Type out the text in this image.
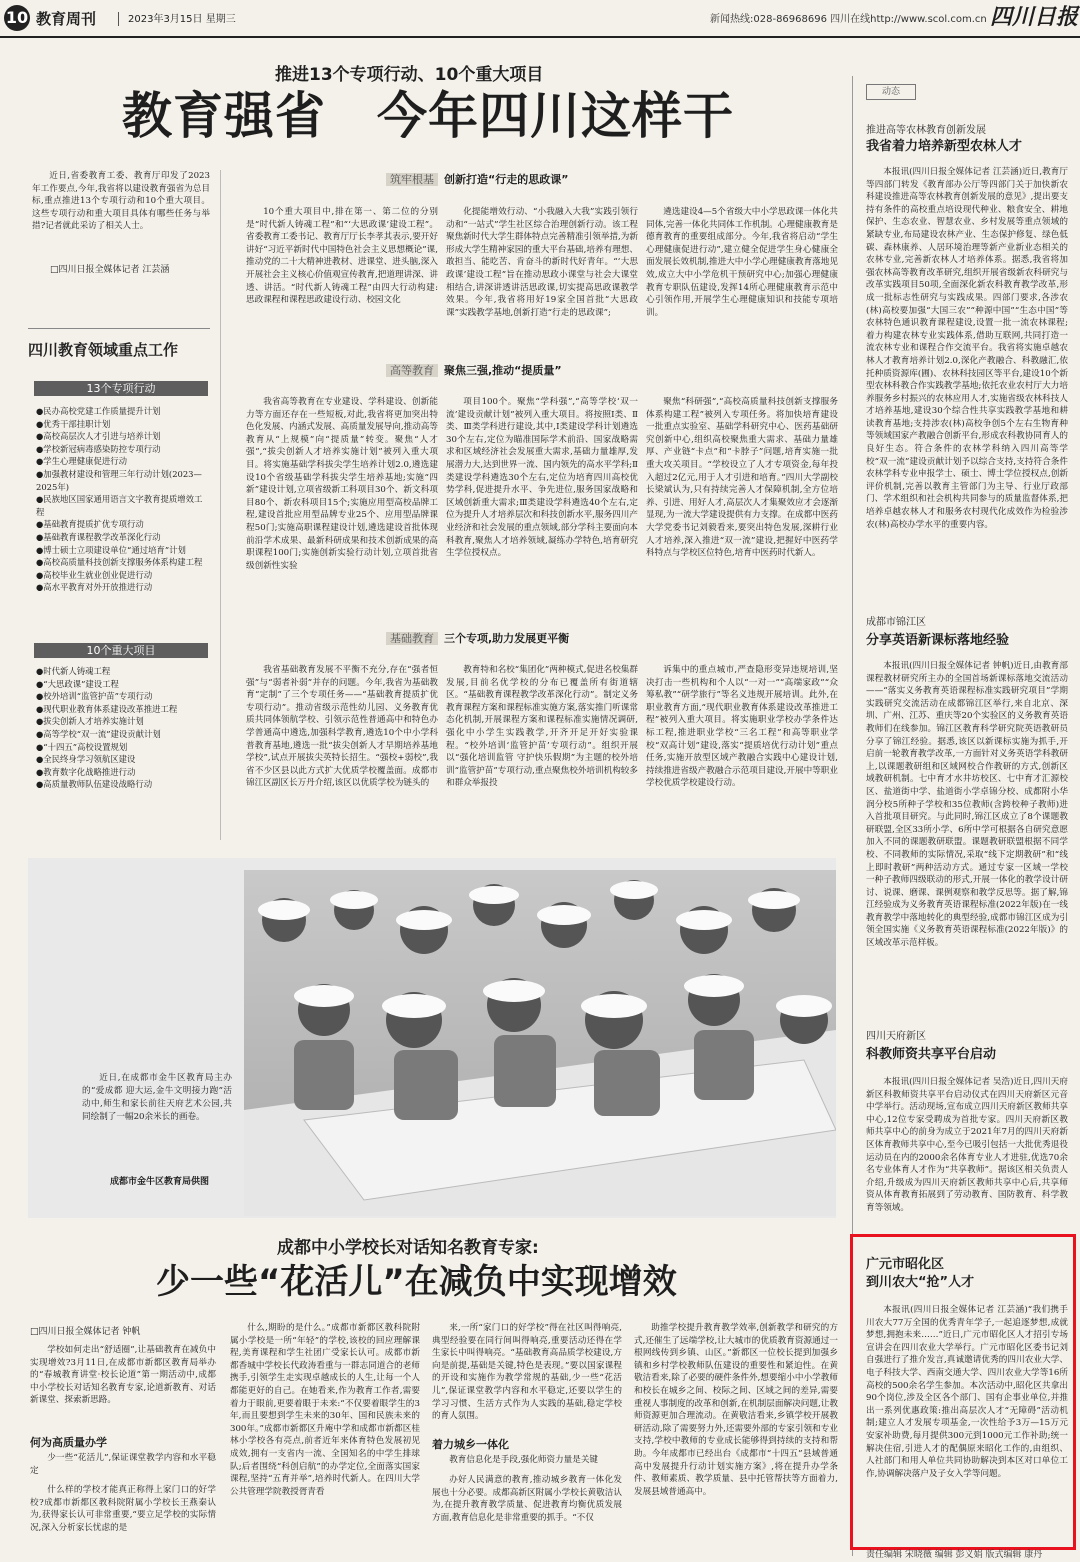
10 教育周刊	2023年3月15日 星期三	新闻热线:028-86968696 四川在线http://www.scol.com.cn 四川日报
推进13个专项行动、10个重大项目
教育强省　今年四川这样干

近日,省委教育工委、教育厅印发了2023年工作要点,今年,我省将以建设教育强省为总目标,重点推进13个专项行动和10个重大项目。这些专项行动和重大项目具体有哪些任务与举措?记者就此采访了相关人士。

□四川日报全媒体记者 江芸涵
四川教育领域重点工作
13个专项行动
●民办高校党建工作质量提升计划
●优秀干部挂职计划
●高校高层次人才引进与培养计划
●学校新冠病毒感染防控专项行动
●学生心理健康促进行动
●加强教材建设和管理三年行动计划(2023—2025年)
●民族地区国家通用语言文字教育提质增效工程
●基础教育提质扩优专项行动
●基础教育课程教学改革深化行动
●博士硕士立项建设单位“通过培育”计划
●高校高质量科技创新支撑服务体系构建工程
●高校毕业生就业创业促进行动
●高水平教育对外开放推进行动
10个重大项目
●时代新人铸魂工程
●“大思政课”建设工程
●校外培训“监管护苗”专项行动
●现代职业教育体系建设改革推进工程
●拔尖创新人才培养实施计划
●高等学校“双一流”建设贡献计划
●“十四五”高校设置规划
●全民终身学习领航区建设
●教育数字化战略推进行动
●高质量教师队伍建设战略行动
筑牢根基 创新打造“行走的思政课”

10个重大项目中,排在第一、第二位的分别是“时代新人铸魂工程”和“‘大思政课’建设工程”。省委教育工委书记、教育厅厅长李孝其表示,要开好讲好“习近平新时代中国特色社会主义思想概论”课,推动党的二十大精神进教材、进课堂、进头脑,深入开展社会主义核心价值观宣传教育,把道理讲深、讲透、讲活。“时代新人铸魂工程”由四大行动构建:思政课程和课程思政建设行动、校园文化

化提能增效行动、“小我融入大我”实践引领行动和“一站式”学生社区综合治理创新行动。该工程聚焦新时代大学生群体特点完善精准引领举措,为新形成大学生精神家园的重大平台基础,培养有理想、敢担当、能吃苦、肯奋斗的新时代好青年。“‘大思政课’建设工程”旨在推动思政小课堂与社会大课堂相结合,讲深讲透讲活思政课,切实提高思政课教学效果。今年,我省将用好19家全国首批“大思政课”实践教学基地,创新打造“行走的思政课”;

遴选建设4—5个省级大中小学思政课一体化共同体,完善一体化共同体工作机制。心理健康教育是德育教育的重要组成部分。今年,我省将启动“学生心理健康促进行动”,建立健全促进学生身心健康全面发展长效机制,推进大中小学心理健康教育落地见效,成立大中小学危机干预研究中心;加强心理健康教育专职队伍建设,发挥14所心理健康教育示范中心引领作用,开展学生心理健康知识和技能专项培训。

高等教育 聚焦三强,推动“提质量”

我省高等教育在专业建设、学科建设、创新能力等方面还存在一些短板,对此,我省将更加突出特色化发展、内涵式发展、高质量发展导向,推动高等教育从“上规模”向“提质量”转变。聚焦“人才强”,“拔尖创新人才培养实施计划”被列入重大项目。将实施基础学科拔尖学生培养计划2.0,遴选建设10个省级基础学科拔尖学生培养基地;实施“四新”建设计划,立项省级新工科项目30个、新文科项目80个、新农科项目15个;实施应用型高校品牌工程,建设首批应用型品牌专业25个、应用型品牌课程50门;实施高职课程建设计划,遴选建设首批体现前沿学术成果、最新科研成果和技术创新成果的高职课程100门;实施创新实验行动计划,立项首批省级创新性实验

项目100个。聚焦“学科强”,“高等学校‘双一流’建设贡献计划”被列入重大项目。将按照Ⅰ类、Ⅱ类、Ⅲ类学科进行建设,其中,Ⅰ类建设学科计划遴选30个左右,定位为瞄准国际学术前沿、国家战略需求和区域经济社会发展重大需求,基础力量雄厚,发展潜力大,达到世界一流、国内领先的高水平学科;Ⅱ类建设学科遴选30个左右,定位为培育四川高校优势学科,促进提升水平、争先进位,服务国家战略和区域创新重大需求;Ⅲ类建设学科遴选40个左右,定位为提升人才培养层次和科技创新水平,服务四川产业经济和社会发展的重点领域,部分学科主要面向本科教育,聚焦人才培养领域,凝练办学特色,培育研究生学位授权点。

聚焦“科研强”,“高校高质量科技创新支撑服务体系构建工程”被列入专项任务。将加快培育建设一批重点实验室、基础学科研究中心、医药基础研究创新中心,组织高校聚焦重大需求、基础力量雄厚、产业链“卡点”和“卡脖子”问题,培育实施一批重大攻关项目。“学校设立了人才专项资金,每年投入超过2亿元,用于人才引进和培育。”四川大学副校长梁斌认为,只有持续完善人才保障机制,全方位培养、引进、用好人才,高层次人才集聚效应才会逐渐显现,为一流大学建设提供有力支撑。在成都中医药大学党委书记刘毅看来,要突出特色发展,深耕行业人才培养,深入推进“双一流”建设,把握好中医药学科特点与学校区位特色,培育中医药时代新人。

基础教育 三个专项,助力发展更平衡

我省基础教育发展不平衡不充分,存在“强者恒强”与“弱者补弱”并存的问题。今年,我省为基础教育“定制”了三个专项任务——“基础教育提质扩优专项行动”。推动省级示范性幼儿园、义务教育优质共同体领航学校、引领示范性普通高中和特色办学普通高中遴选,加强科学教育,遴选10个中小学科普教育基地,遴选一批“拔尖创新人才早期培养基地学校”,试点开展拔尖英特长招生。“强校+弱校”,我省不少区县以此方式扩大优质学校覆盖面。成都市锦江区副区长万丹介绍,该区以优质学校为链头的

教育特和名校“集团化”两种模式,促进名校集群发展,目前名优学校的分布已覆盖所有街道辖区。“基础教育课程教学改革深化行动”。制定义务教育课程方案和课程标准实施方案,落实推门听课常态化机制,开展课程方案和课程标准实施情况调研,强化中小学生实践教学,开齐开足开好实验课程。“校外培训‘监管护苗’专项行动”。组织开展以“强化培训监管 守护快乐假期”为主题的校外培训“监管护苗”专项行动,重点聚焦校外培训机构较多和群众举报投

诉集中的重点城市,严查隐形变异违规培训,坚决打击一些机构和个人以“一对一”“高端家政”“众筹私教”“研学旅行”等名义违规开展培训。此外,在职业教育方面,“现代职业教育体系建设改革推进工程”被列入重大项目。将实施职业学校办学条件达标工程,推进职业学校“三名工程”和高等职业学校“双高计划”建设,落实“提质培优行动计划”重点任务,实施开放型区域产教融合实践中心建设计划,持续推进省级产教融合示范项目建设,开展中等职业学校优质学校建设行动。

近日,在成都市金牛区教育局主办的“爱成都 迎大运,金牛文明接力跑”活动中,师生和家长前往天府艺术公园,共同绘制了一幅20余米长的画卷。

成都市金牛区教育局供图
成都中小学校长对话知名教育专家:
少一些“花活儿”在减负中实现增效
□四川日报全媒体记者 钟帆

学校如何走出“舒适圈”,让基础教育在减负中实现增效?3月11日,在成都市新都区教育局举办的“春城教育讲堂·校长论道”第一期活动中,成都中小学校长对话知名教育专家,论道新教育、对话新课堂、探索新思路。

何为高质量办学

少一些“花活儿”,保证课堂教学内容和水平稳定

什么样的学校才能真正称得上家门口的好学校?成都市新都区教科院附属小学校长王燕秦认为,获得家长认可非常重要,“要立足学校的实际情况,深入分析家长忧虑的是

什么,期盼的是什么。”成都市新都区教科院附属小学校是一所“年轻”的学校,该校的回应理解课程,美育课程和学生社团广受家长认可。成都市新都香城中学校长代政涛看重与一群志同道合的老师携手,引领学生走实现卓越成长的人生,让每一个人都能更好的自己。在她看来,作为教育工作者,需要着力于眼前,更要着眼于未来:“不仅要着眼学生的3年,而且要想到学生未来的30年、国和民族未来的300年。”成都市新都区升庵中学和成都市新都区桂林小学校各有亮点,前者近年来体育特色发展初见成效,拥有一支省内一流、全国知名的中学生排球队;后者围绕“科创启航”的办学定位,全面落实国家课程,坚持“五育并举”,培养时代新人。在四川大学公共管理学院教授胥青看

来,一所“家门口的好学校”得在社区叫得响亮,典型经验要在同行间叫得响亮,重要活动还得在学生家长中叫得响亮。“基础教育高品质学校建设,方向是前提,基础是关键,特色是表现。”要以国家课程的开设和实施作为教学常规的基础,少一些“花活儿”,保证课堂教学内容和水平稳定,还要以学生的学习习惯、生活方式作为人实践的基础,稳定学校的育人氛围。

着力城乡一体化

教育信息化是手段,强化师资力量是关键

办好人民满意的教育,推动城乡教育一体化发展也十分必要。成都高新区附属小学校长黄敬洁认为,在提升教育教学质量、促进教育均衡优质发展方面,教育信息化是非常重要的抓手。“不仅

助推学校提升教育教学效率,创新教学和研究的方式,还催生了远端学校,让大城市的优质教育资源通过一根网线传到乡镇、山区。”新都区一位校长提到加强乡镇和乡村学校教师队伍建设的重要性和紧迫性。在黄敬洁看来,除了必要的硬件条件外,想要缩小中小学教师和校长在城乡之间、校际之间、区域之间的差异,需要重视人事制度的改革和创新,在机制层面解决问题,让教师资源更加合理流动。在黄敬洁看来,乡镇学校开展教研活动,除了需要努力外,还需要外部的专家引领和专业支持,学校中教师的专业成长能够得到持续的支持和帮助。今年成都市已经出台《成都市“十四五”县域普通高中发展提升行动计划实施方案》,将在提升办学条件、教师素质、教学质量、县中托管帮扶等方面着力,发展县域普通高中。

动态
推进高等农林教育创新发展
我省着力培养新型农林人才

本报讯(四川日报全媒体记者 江芸涵)近日,教育厅等四部门转发《教育部办公厅等四部门关于加快新农科建设推进高等农林教育创新发展的意见》,提出要支持有条件的高校重点培设现代种业、粮食安全、耕地保护、生态农业、智慧农业、乡村发展等重点领域的紧缺专业,布局建设农林产业、生态保护修复、绿色低碳、森林康养、人居环境治理等新产业新业态相关的农林专业,完善新农林人才培养体系。据悉,我省将加强农林高等教育改革研究,组织开展省级新农科研究与改革实践项目50项,全面深化新农科教育教学改革,形成一批标志性研究与实践成果。四部门要求,各涉农(林)高校要加强“大国三农”“种源中国”“生态中国”等农林特色通识教育课程建设,设置一批一流农林课程;着力构建农林专业实践体系,借助互联网,共同打造一流农林专业和课程合作交流平台。我省将实施卓越农林人才教育培养计划2.0,深化产教融合、科教融汇,依托种质资源库(圃)、农林科技园区等平台,建设10个新型农林科教合作实践教学基地;依托农业农村厅大力培养服务乡村振兴的农林应用人才,实施省级农林科技人才培养基地,建设30个综合性共享实践教学基地和耕读教育基地;支持涉农(林)高校争创5个左右生物育种等领域国家产教融合创新平台,形成农科教协同育人的良好生态。符合条件的农林学科纳入四川高等学校“双一流”建设贡献计划予以综合支持,支持符合条件农林学科专业申报学士、硕士、博士学位授权点,创新评价机制,完善以教育主管部门为主导、行业厅政部门、学术组织和社会机构共同参与的质量监督体系,把培养卓越农林人才和服务农村现代化成效作为检验涉农(林)高校办学水平的重要内容。

成都市锦江区
分享英语新课标落地经验

本报讯(四川日报全媒体记者 钟帆)近日,由教育部课程教材研究所主办的全国首场新课标落地交流活动——“落实义务教育英语课程标准实践研究项目”学期实践研究交流活动在成都锦江区举行,来自北京、深圳、广州、江苏、重庆等20个实验区的义务教育英语教师们在线参加。锦江区教育科学研究院英语教研员分享了锦江经验。据悉,该区以新课标实施为抓手,开启前一轮教育教学改革,一方面针对义务英语学科教研上,以课题教研组和区域网校合作教研的方式,创新区域教研机制。七中育才水井坊校区、七中育才汇源校区、盐道街中学、盐道街小学卓锦分校、成都附小华润分校5所种子学校和35位教师(含跨校种子教师)进入首批项目研究。与此同时,锦江区成立了8个课题教研联盟,全区33所小学、6所中学可根据各自研究意愿加入不同的课题教研联盟。课题教研联盟根据不同学校、不同教师的实际情况,采取“线下定期教研”和“线上即时教研”两种活动方式。通过专家一区域一学校一种子教师四级联动的形式,开展一体化的教学设计研讨、说课、磨课、课例观察和教学反思等。据了解,锦江经验成为义务教育英语课程标准(2022年版)在一线教育教学中落地转化的典型经验,成都市锦江区成为引领全国实施《义务教育英语课程标准(2022年版)》的区域改革示范样板。

四川天府新区
科教师资共享平台启动

本报讯(四川日报全媒体记者 吴浩)近日,四川天府新区科教师资共享平台启动仪式在四川天府新区元音中学举行。活动现场,宣布成立四川天府新区教师共享中心,12位专家受聘成为首批专家。四川天府新区教师共享中心的前身为成立于2021年7月的四川天府新区体育教师共享中心,至今已吸引包括一大批优秀退役运动员在内的2000余名体育专业人才进驻,优选70余名专业体育人才作为“共享教师”。据该区相关负责人介绍,升级成为四川天府新区教师共享中心后,共享师资从体育教育拓展到了劳动教育、国防教育、科学教育等领域。

广元市昭化区
到川农大“抢”人才

本报讯(四川日报全媒体记者 江芸涵)“我们携手川农大77万全国的优秀青年学子,一起追逐梦想,成就梦想,拥抱未来……”近日,广元市昭化区人才招引专场宣讲会在四川农业大学举行。广元市昭化区委书记刘自强进行了推介发言,真诚邀请优秀的四川农业大学、电子科技大学、西南交通大学、四川农业大学等16所高校的500余名学生参加。本次活动中,昭化区共拿出90个岗位,涉及全区各个部门、国有企事业单位,并推出一系列优惠政策:推出高层次人才“无障碍”活动机制;建立人才发展专项基金,一次性给予3万—15万元安家补助费,每月提供300元到1000元工作补助;统一解决住宿,引进人才的配偶原来昭化工作的,由组织、人社部门和用人单位共同协助解决到本区对口单位工作,协调解决落户及子女入学等问题。

责任编辑 宋晓薇 编辑 彭义娟 版式编辑 康丹
